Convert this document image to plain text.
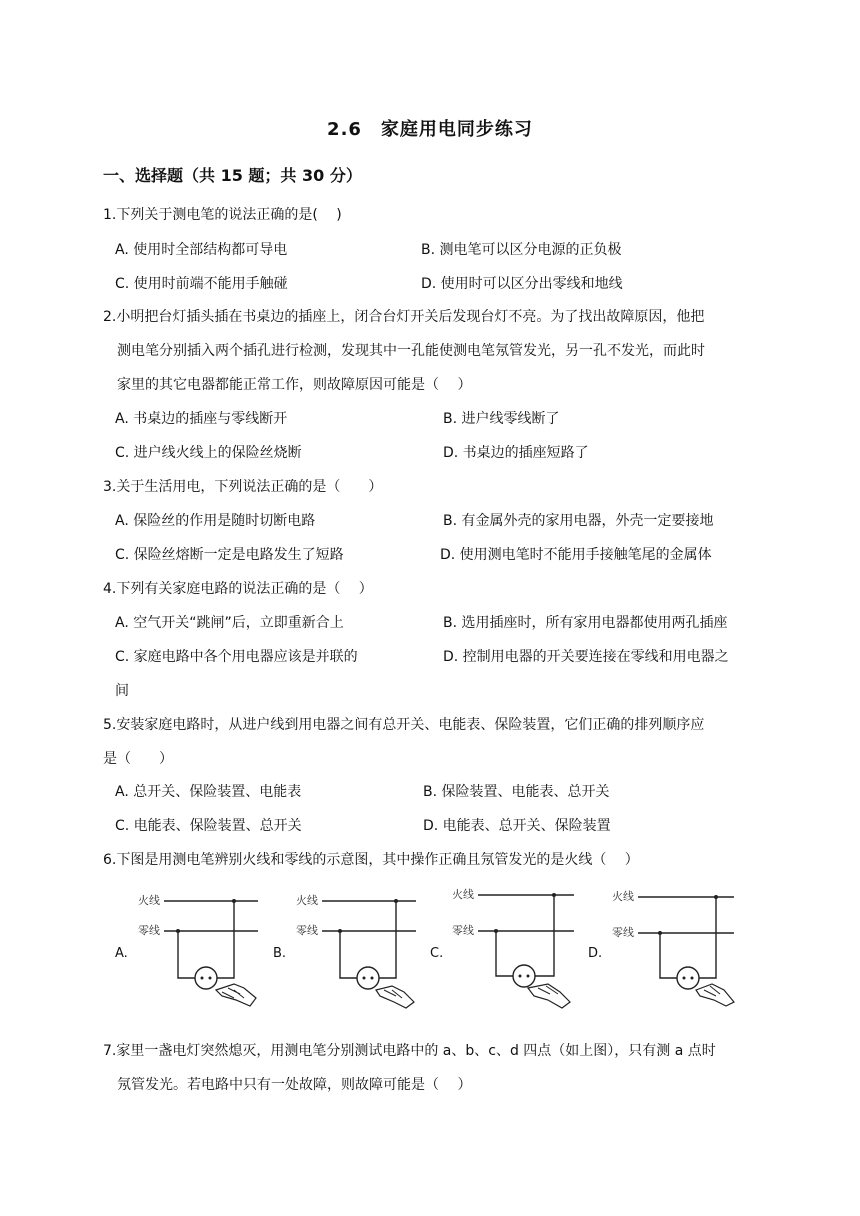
2.6　家庭用电同步练习
一、选择题（共 15 题；共 30 分）
1.下列关于测电笔的说法正确的是(　 )
A. 使用时全部结构都可导电	B. 测电笔可以区分电源的正负极
C. 使用时前端不能用手触碰	D. 使用时可以区分出零线和地线
2.小明把台灯插头插在书桌边的插座上，闭合台灯开关后发现台灯不亮。为了找出故障原因，他把
测电笔分别插入两个插孔进行检测，发现其中一孔能使测电笔氖管发光，另一孔不发光，而此时
家里的其它电器都能正常工作，则故障原因可能是（　 ）
A. 书桌边的插座与零线断开	B. 进户线零线断了
C. 进户线火线上的保险丝烧断	D. 书桌边的插座短路了
3.关于生活用电，下列说法正确的是（　　）
A. 保险丝的作用是随时切断电路	B. 有金属外壳的家用电器，外壳一定要接地
C. 保险丝熔断一定是电路发生了短路	D. 使用测电笔时不能用手接触笔尾的金属体
4.下列有关家庭电路的说法正确的是（　 ）
A. 空气开关“跳闸”后，立即重新合上	B. 选用插座时，所有家用电器都使用两孔插座
C. 家庭电路中各个用电器应该是并联的	D. 控制用电器的开关要连接在零线和用电器之
间
5.安装家庭电路时，从进户线到用电器之间有总开关、电能表、保险装置，它们正确的排列顺序应
是（　　）
A. 总开关、保险装置、电能表	B. 保险装置、电能表、总开关
C. 电能表、保险装置、总开关	D. 电能表、总开关、保险装置
6.下图是用测电笔辨别火线和零线的示意图，其中操作正确且氖管发光的是火线（　 ）
A.	B.	C.	D.
火线
零线
火线
零线
火线
零线
火线
零线
7.家里一盏电灯突然熄灭，用测电笔分别测试电路中的 a、b、c、d 四点（如上图），只有测 a 点时
氖管发光。若电路中只有一处故障，则故障可能是（　 ）
